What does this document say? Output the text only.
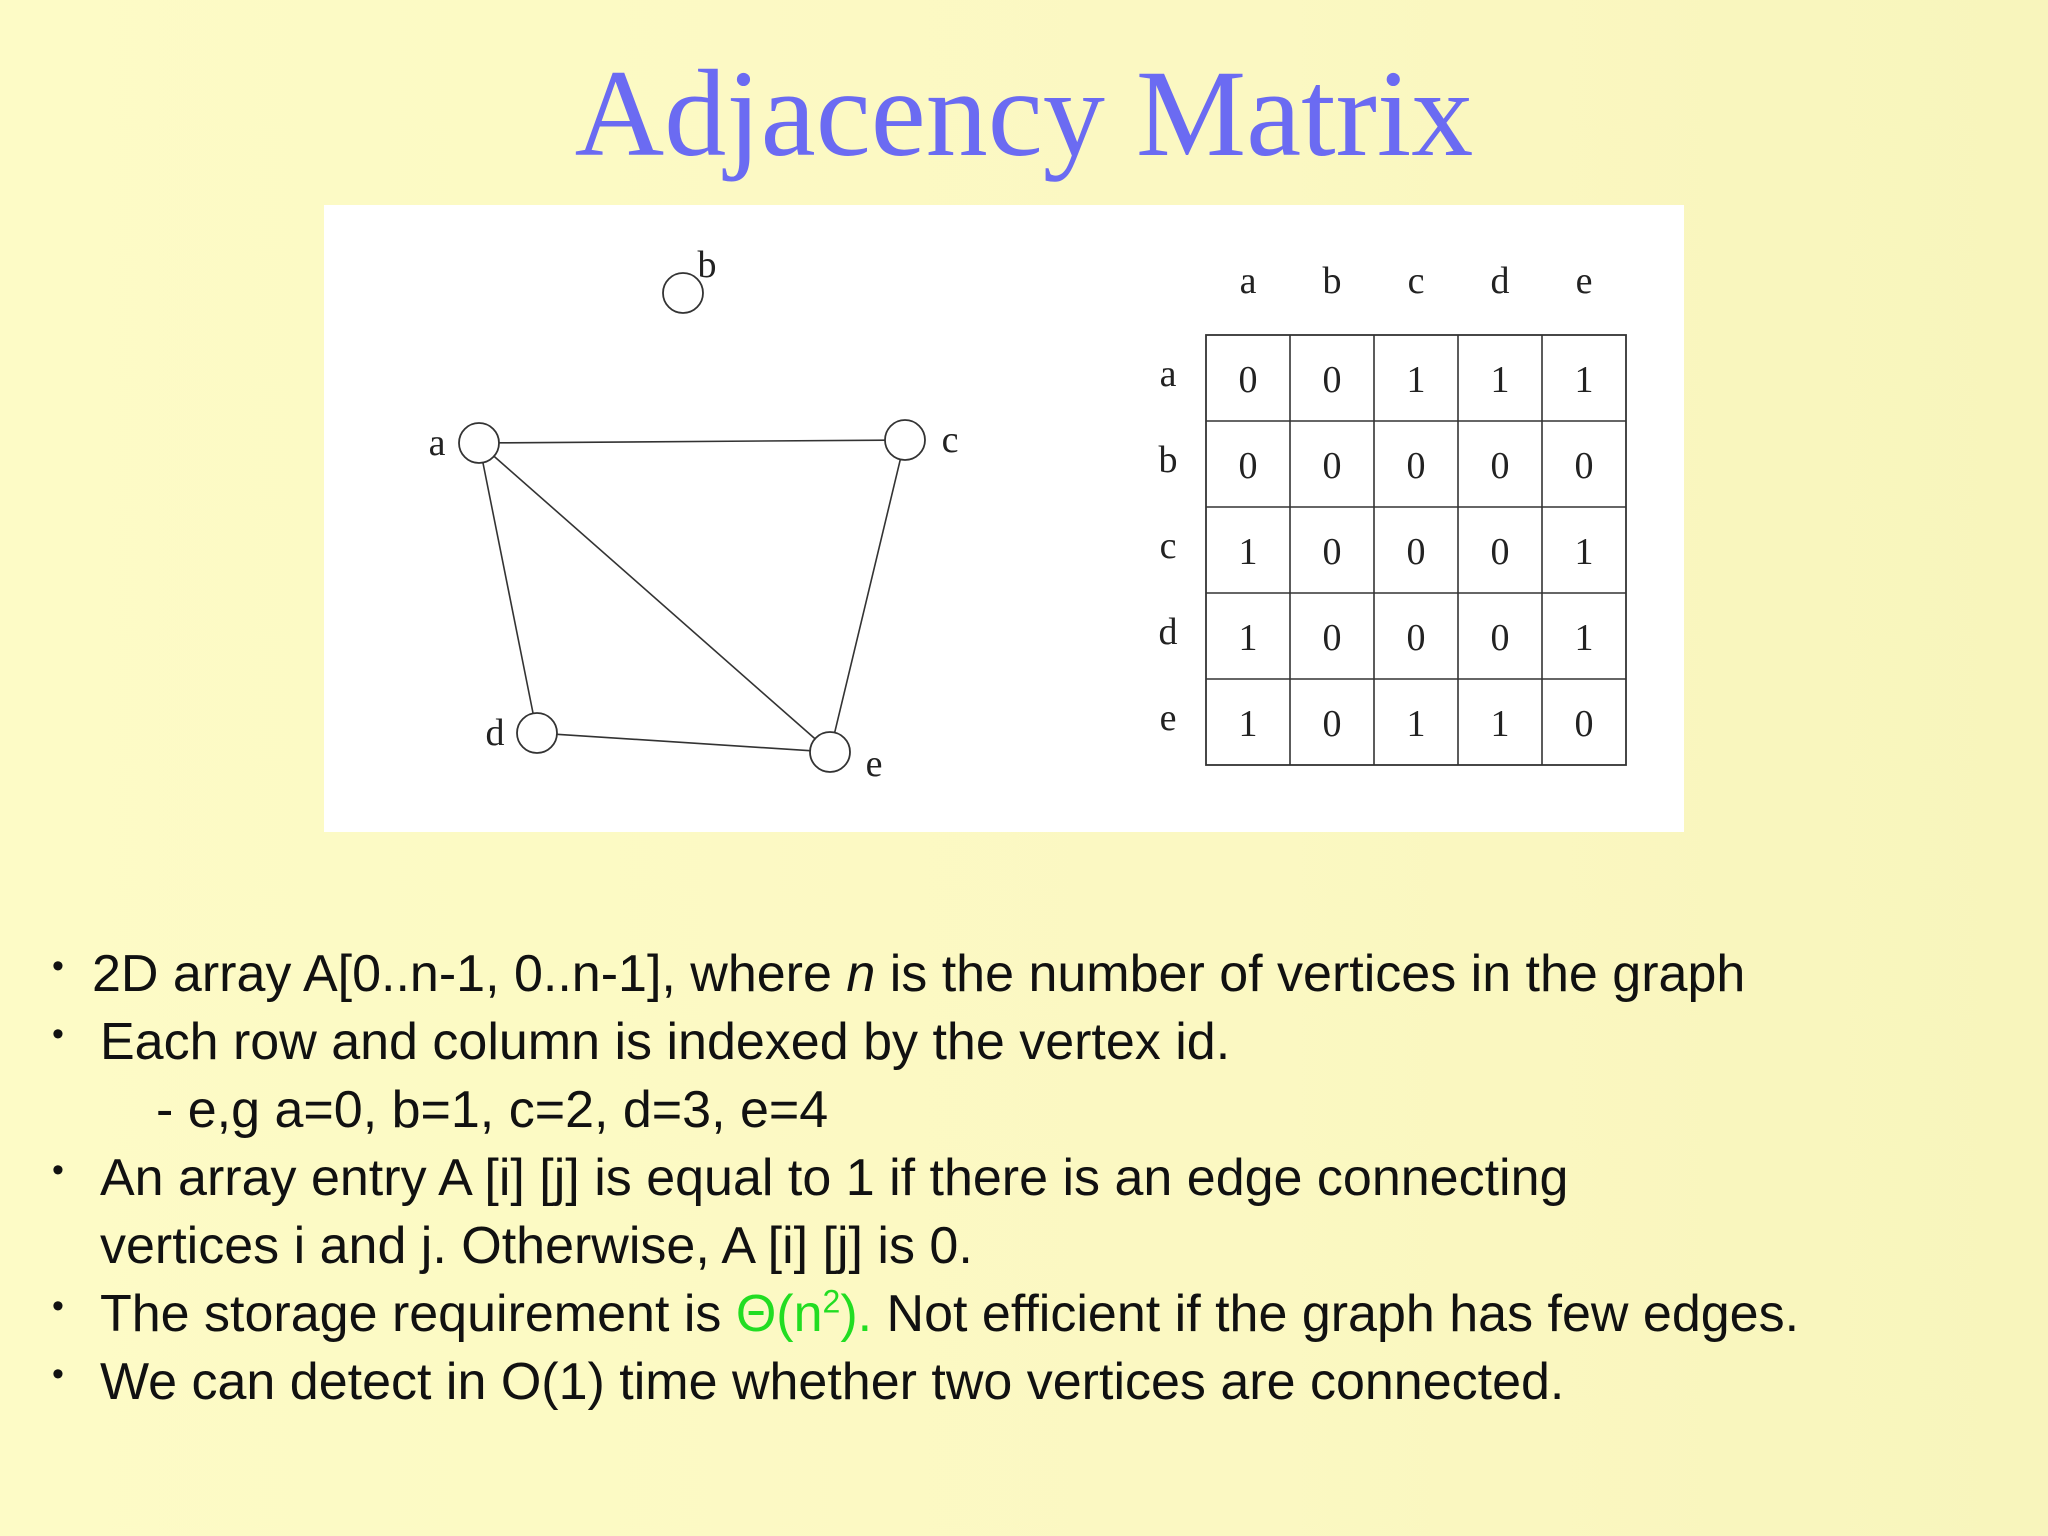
Adjacency Matrix
a
b
c
d
e
a b c d e
a
b
c
d
e
0 0 1 1 1
0 0 0 0 0
1 0 0 0 1
1 0 0 0 1
1 0 1 1 0
• 2D array A[0..n-1, 0..n-1], where n is the number of vertices in the graph
• Each row and column is indexed by the vertex id.
- e,g a=0, b=1, c=2, d=3, e=4
• An array entry A [i] [j] is equal to 1 if there is an edge connecting
vertices i and j. Otherwise, A [i] [j] is 0.
• The storage requirement is $\Theta(n^2)$. Not efficient if the graph has few edges.
• We can detect in O(1) time whether two vertices are connected.
